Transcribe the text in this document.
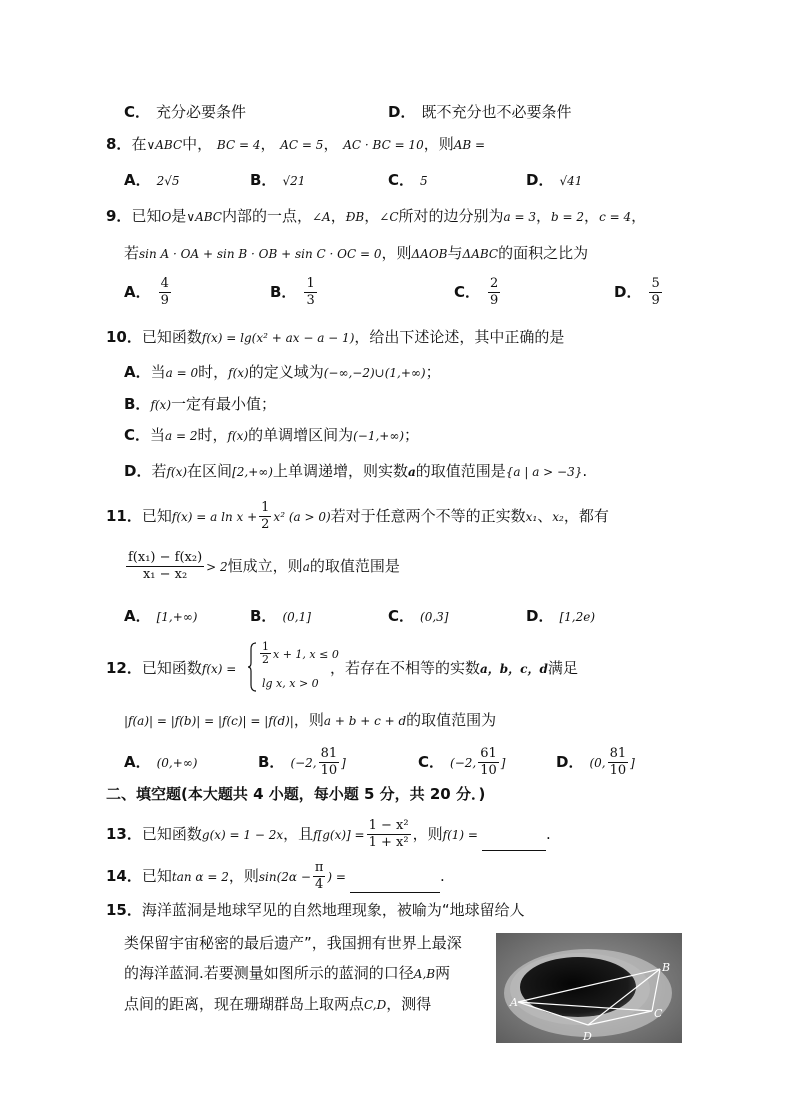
C． 充分必要条件	D． 既不充分也不必要条件
8．在∨ABC中， BC = 4， AC = 5， AC · BC = 10，则AB =
A． 2√5	B． √21	C． 5	D． √41
9．已知O是∨ABC内部的一点，∠A，ÐB，∠C所对的边分别为a = 3，b = 2，c = 4，
若sin A · OA + sin B · OB + sin C · OC = 0，则ΔAOB与ΔABC的面积之比为
A． $\frac{4}{9}$	B． $\frac{1}{3}$	C． $\frac{2}{9}$	D． $\frac{5}{9}$
10．已知函数f(x) = lg(x² + ax − a − 1)，给出下述论述，其中正确的是
A．当a = 0时，f(x)的定义域为(−∞,−2)∪(1,+∞)；
B．f(x)一定有最小值；
C．当a = 2时，f(x)的单调增区间为(−1,+∞)；
D．若f(x)在区间[2,+∞)上单调递增，则实数a的取值范围是{a | a > −3}.
11．已知f(x) = a $\ln x + \frac{1}{2} x^2$ (a > 0)若对于任意两个不等的正实数x₁、x₂，都有
$\frac{\text{f(x₁) − f(x₂)}}{\text{x₁ − x₂}} > 2$恒成立，则a的取值范围是
A． [1,+∞)	B． (0,1]	C． (0,3]	D． [1,2e)
12．已知函数f(x) =
$\frac{1}{2}$ x + 1, x ≤ 0
lg x, x > 0
，若存在不相等的实数a，b，c，d满足
|f(a)| = |f(b)| = |f(c)| = |f(d)|，则a + b + c + d的取值范围为
A． (0,+∞)	B． (−2, $\frac{81}{10}$ ]	C． (−2, $\frac{61}{10}$ ]	D． (0, $\frac{81}{10}$ ]
二、填空题(本大题共 4 小题，每小题 5 分，共 20 分．)
13．已知函数g(x) = 1 − 2x，且$f[g(x)] = \frac{\text{1 − x²}}{\text{1 + x²}}$ ，则f(1) =	.
14．已知tan α = 2，则$\sin(2\alpha - \frac{\pi}{4}$ ) =	.
15．海洋蓝洞是地球罕见的自然地理现象，被喻为“地球留给人
类保留宇宙秘密的最后遗产”，我国拥有世界上最深
的海洋蓝洞.若要测量如图所示的蓝洞的口径A,B两
点间的距离，现在珊瑚群岛上取两点C,D，测得	A
B
C
D
